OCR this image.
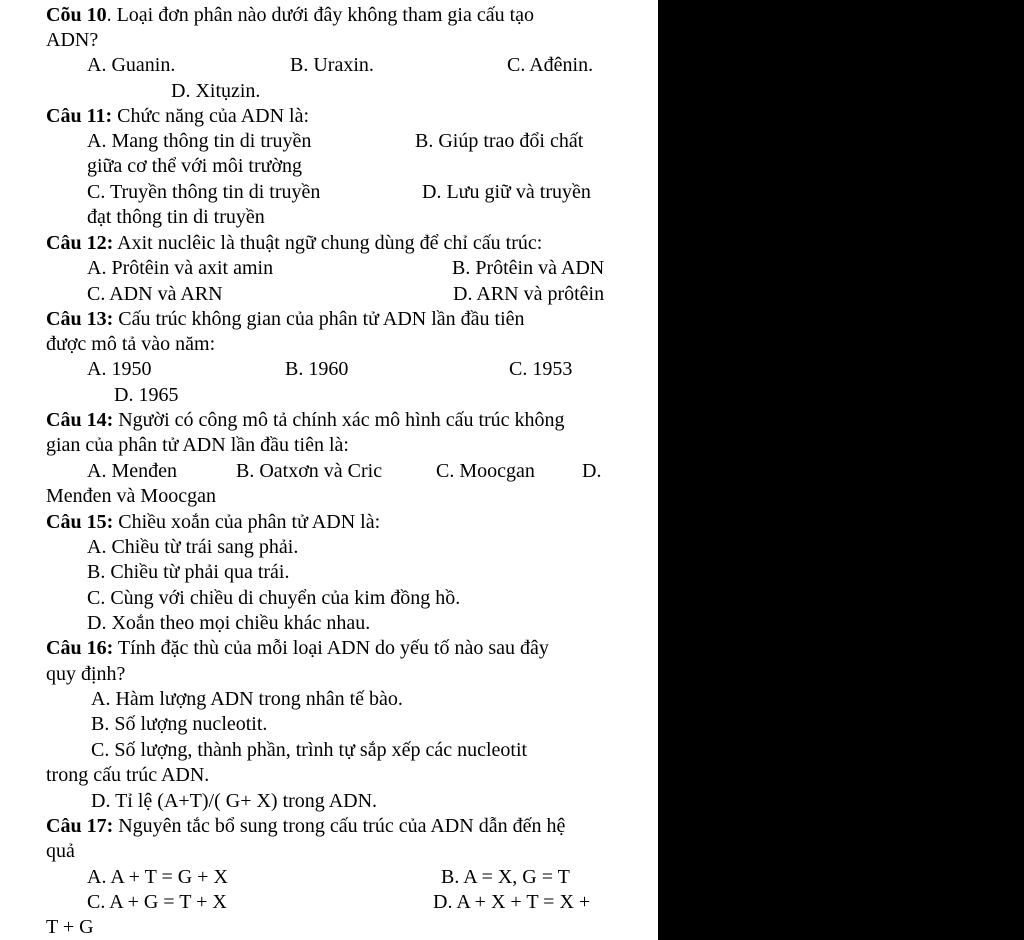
Cõu 10. Loại đơn phân nào dưới đây không tham gia cấu tạo
ADN?
A. Guanin.	B. Uraxin.	C. Ađênin.
D. Xitụzin.
Câu 11: Chức năng của ADN là:
A. Mang thông tin di truyền	B. Giúp trao đổi chất
giữa cơ thể với môi trường
C. Truyền thông tin di truyền	D. Lưu giữ và truyền
đạt thông tin di truyền
Câu 12: Axit nuclêic là thuật ngữ chung dùng để chỉ cấu trúc:
A. Prôtêin và axit amin	B. Prôtêin và ADN
C. ADN và ARN	D. ARN và prôtêin
Câu 13: Cấu trúc không gian của phân tử ADN lần đầu tiên
được mô tả vào năm:
A. 1950	B. 1960	C. 1953
D. 1965
Câu 14: Người có công mô tả chính xác mô hình cấu trúc không
gian của phân tử ADN lần đầu tiên là:
A. Menđen	B. Oatxơn và Cric	C. Moocgan D.
Menđen và Moocgan
Câu 15: Chiều xoắn của phân tử ADN là:
A. Chiều từ trái sang phải.
B. Chiều từ phải qua trái.
C. Cùng với chiều di chuyển của kim đồng hồ.
D. Xoắn theo mọi chiều khác nhau.
Câu 16: Tính đặc thù của mỗi loại ADN do yếu tố nào sau đây
quy định?
A. Hàm lượng ADN trong nhân tế bào.
B. Số lượng nucleotit.
C. Số lượng, thành phần, trình tự sắp xếp các nucleotit
trong cấu trúc ADN.
D. Tỉ lệ (A+T)/( G+ X) trong ADN.
Câu 17: Nguyên tắc bổ sung trong cấu trúc của ADN dẫn đến hệ
quả
A. A + T = G + X	B. A = X, G = T
C. A + G = T + X	D. A + X + T = X +
T + G
